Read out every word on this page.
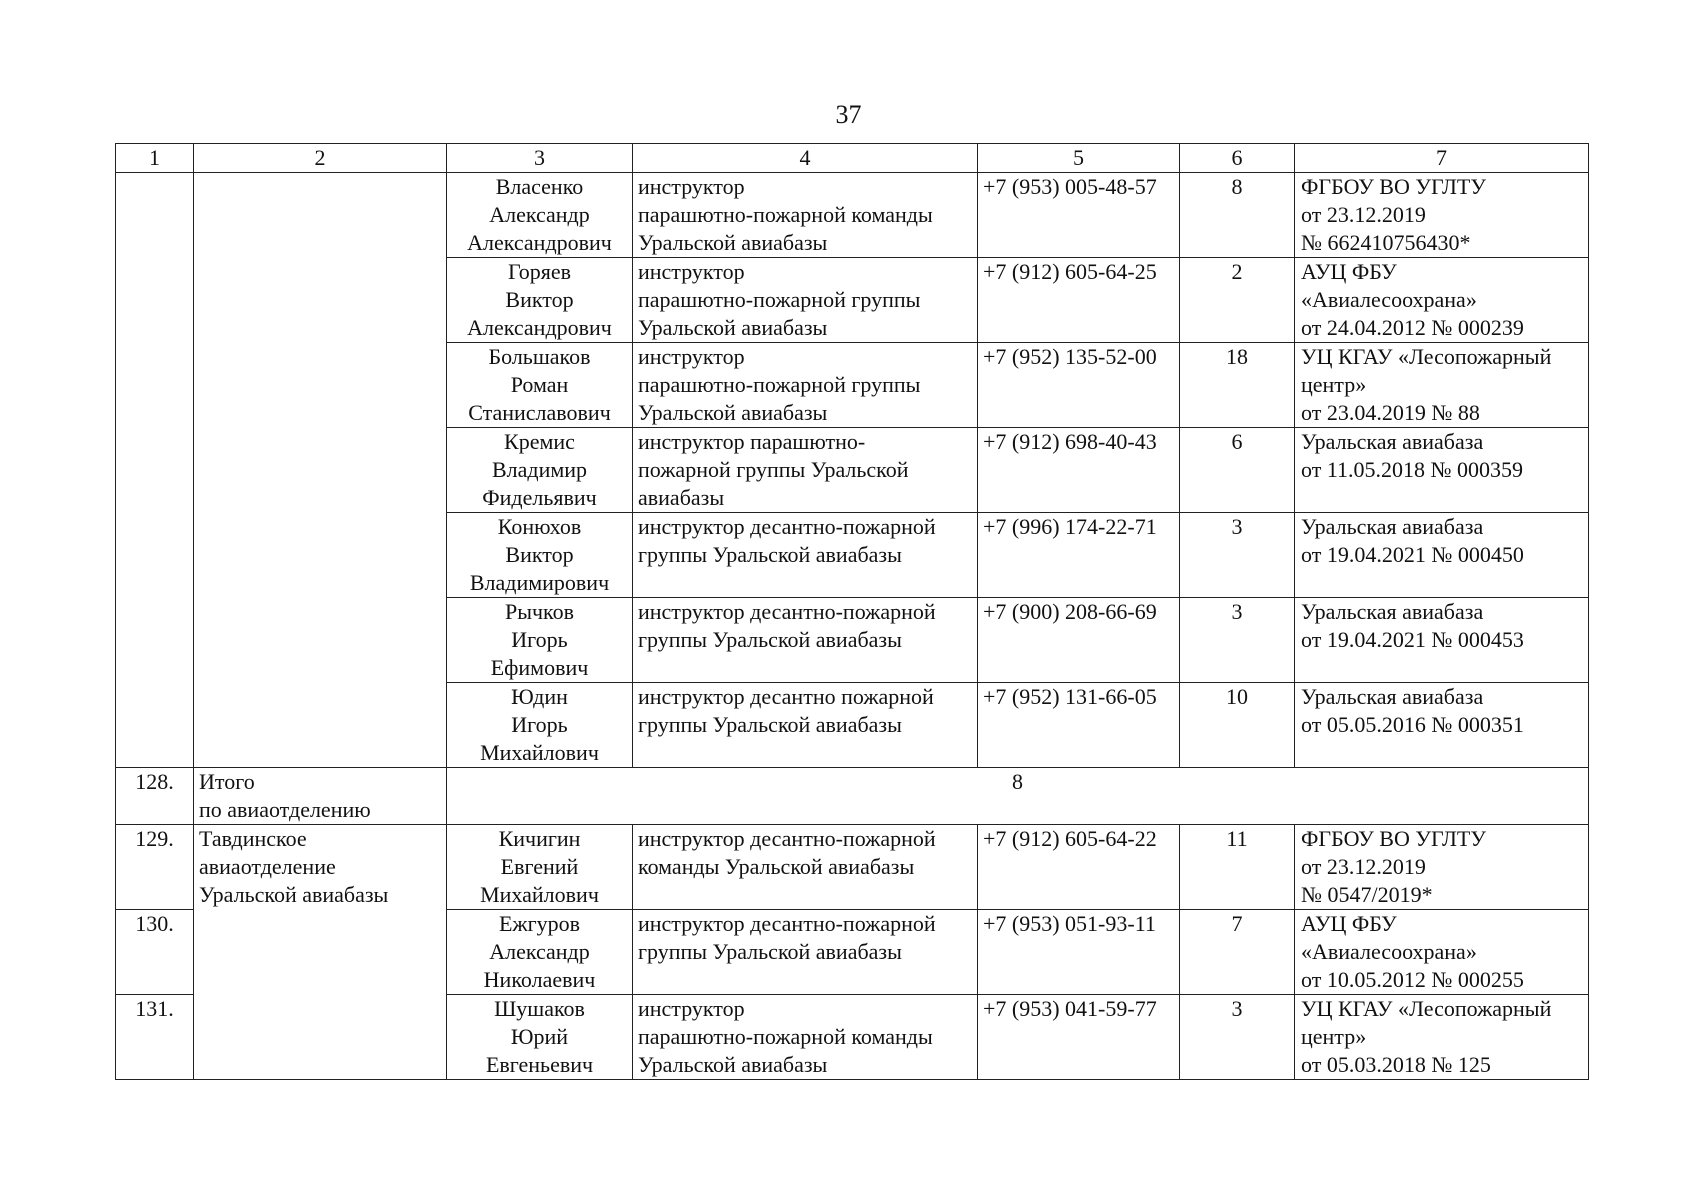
37
1	2	3	4	5	6	7

		Власенко
Александр
Александрович	инструктор
парашютно-пожарной команды
Уральской авиабазы	+7 (953) 005-48-57	8	ФГБОУ ВО УГЛТУ
от 23.12.2019
№ 662410756430*

		Горяев
Виктор
Александрович	инструктор
парашютно-пожарной группы
Уральской авиабазы	+7 (912) 605-64-25	2	АУЦ ФБУ
«Авиалесоохрана»
от 24.04.2012 № 000239

		Большаков
Роман
Станиславович	инструктор
парашютно-пожарной группы
Уральской авиабазы	+7 (952) 135-52-00	18	УЦ КГАУ «Лесопожарный
центр»
от 23.04.2019 № 88

		Кремис
Владимир
Фидельявич	инструктор парашютно-
пожарной группы Уральской
авиабазы	+7 (912) 698-40-43	6	Уральская авиабаза
от 11.05.2018 № 000359

		Конюхов
Виктор
Владимирович	инструктор десантно-пожарной
группы Уральской авиабазы	+7 (996) 174-22-71	3	Уральская авиабаза
от 19.04.2021 № 000450

		Рычков
Игорь
Ефимович	инструктор десантно-пожарной
группы Уральской авиабазы	+7 (900) 208-66-69	3	Уральская авиабаза
от 19.04.2021 № 000453

		Юдин
Игорь
Михайлович	инструктор десантно пожарной
группы Уральской авиабазы	+7 (952) 131-66-05	10	Уральская авиабаза
от 05.05.2016 № 000351

128.	Итого
по авиаотделению	8				
129.	Тавдинское
авиаотделение
Уральской авиабазы	Кичигин
Евгений
Михайлович	инструктор десантно-пожарной
команды Уральской авиабазы	+7 (912) 605-64-22	11	ФГБОУ ВО УГЛТУ
от 23.12.2019
№ 0547/2019*

130.		Ежгуров
Александр
Николаевич	инструктор десантно-пожарной
группы Уральской авиабазы	+7 (953) 051-93-11	7	АУЦ ФБУ
«Авиалесоохрана»
от 10.05.2012 № 000255

131.		Шушаков
Юрий
Евгеньевич	инструктор
парашютно-пожарной команды
Уральской авиабазы	+7 (953) 041-59-77	3	УЦ КГАУ «Лесопожарный
центр»
от 05.03.2018 № 125
